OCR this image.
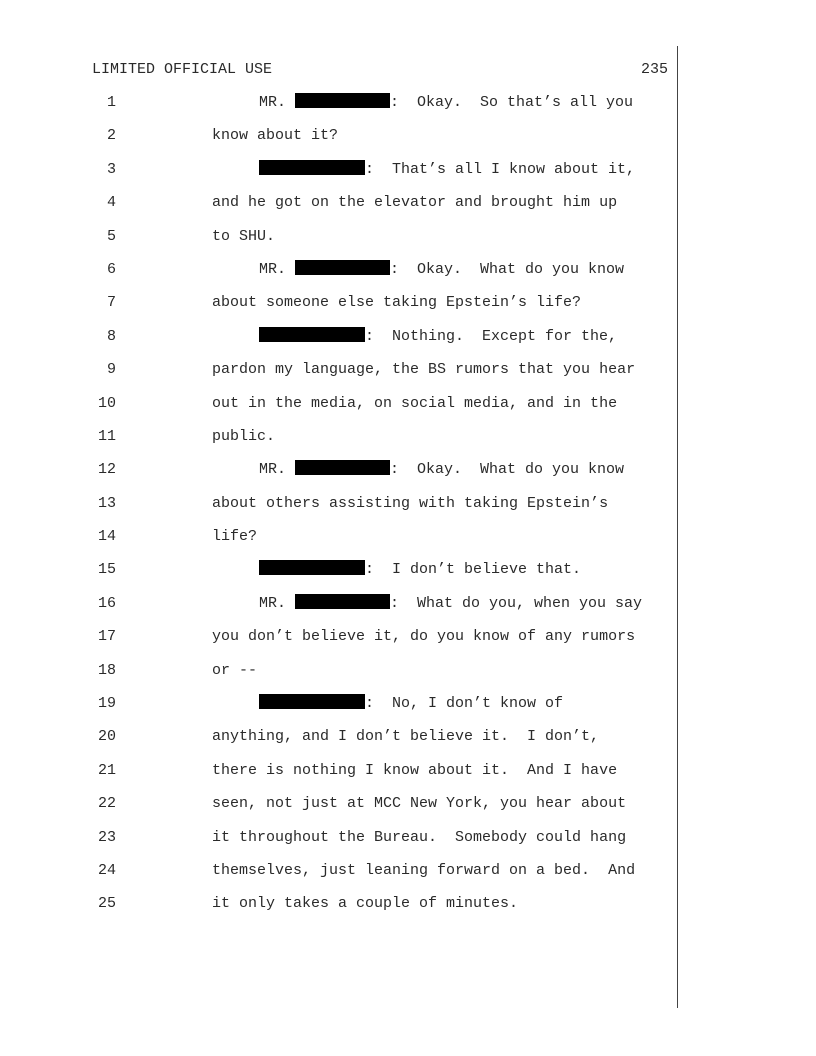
LIMITED OFFICIAL USE	235
1	MR.	:  Okay.  So that’s all you
2	know about it?
3	:  That’s all I know about it,
4	and he got on the elevator and brought him up
5	to SHU.
6	MR.	:  Okay.  What do you know
7	about someone else taking Epstein’s life?
8	:  Nothing.  Except for the,
9	pardon my language, the BS rumors that you hear
10	out in the media, on social media, and in the
11	public.
12	MR.	:  Okay.  What do you know
13	about others assisting with taking Epstein’s
14	life?
15	:  I don’t believe that.
16	MR.	:  What do you, when you say
17	you don’t believe it, do you know of any rumors
18	or --
19	:  No, I don’t know of
20	anything, and I don’t believe it.  I don’t,
21	there is nothing I know about it.  And I have
22	seen, not just at MCC New York, you hear about
23	it throughout the Bureau.  Somebody could hang
24	themselves, just leaning forward on a bed.  And
25	it only takes a couple of minutes.
